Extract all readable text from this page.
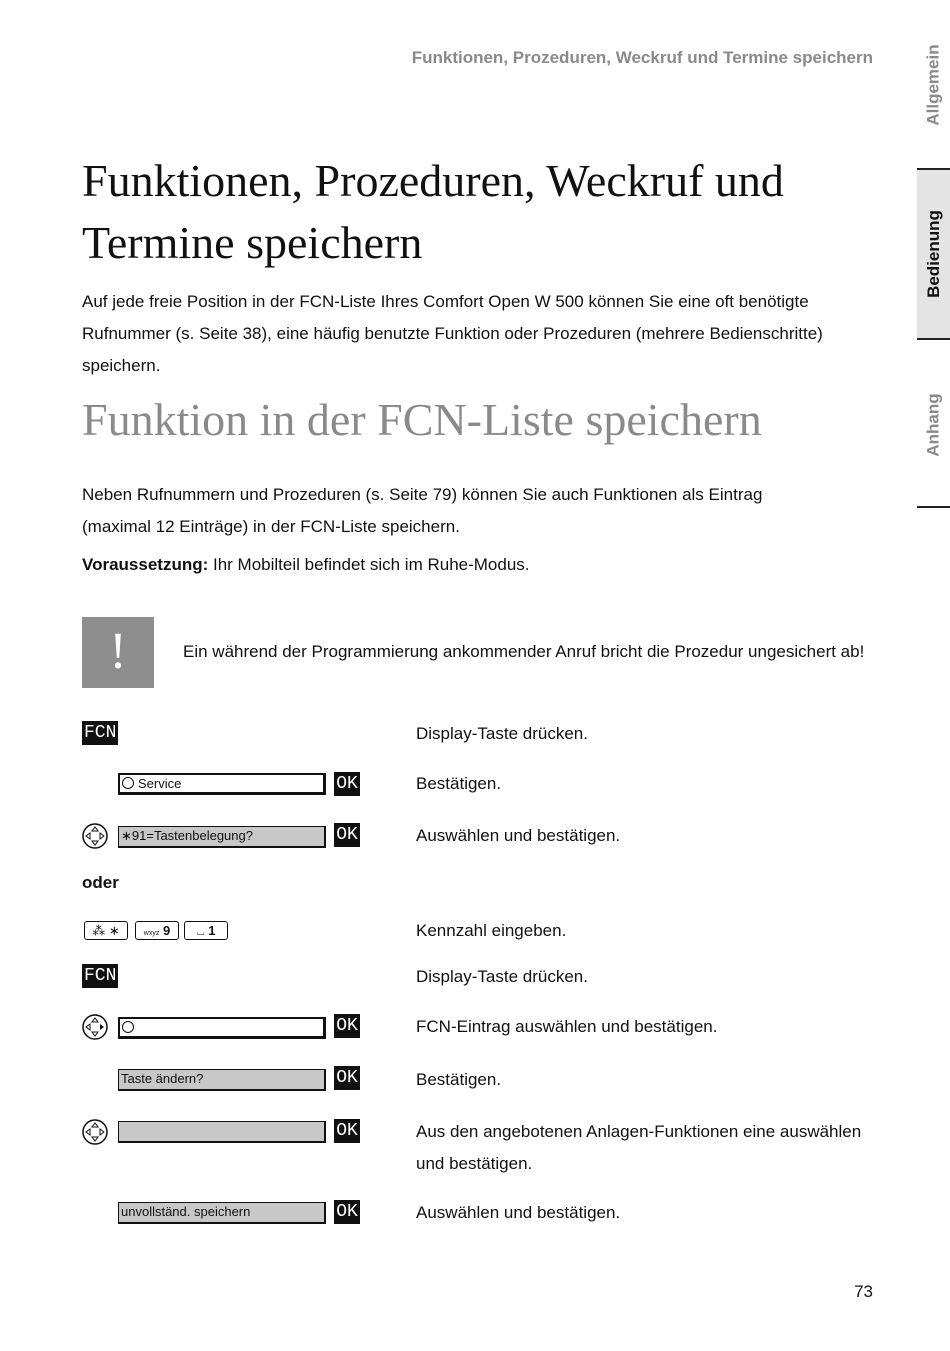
Funktionen, Prozeduren, Weckruf und Termine speichern	Allgemein
Bedienung
Anhang
Funktionen, Prozeduren, Weckruf und
Termine speichern
Auf jede freie Position in der FCN-Liste Ihres Comfort Open W 500 können Sie eine oft benötigte Rufnummer (s. Seite 38), eine häufig benutzte Funktion oder Prozeduren (mehrere Bedienschritte) speichern.
Funktion in der FCN-Liste speichern
Neben Rufnummern und Prozeduren (s. Seite 79) können Sie auch Funktionen als Eintrag (maximal 12 Einträge) in der FCN-Liste speichern.
Voraussetzung: Ihr Mobilteil befindet sich im Ruhe-Modus.
!	Ein während der Programmierung ankommender Anruf bricht die Prozedur ungesichert ab!
FCN	Display-Taste drücken.
Service	OK	Bestätigen.
∗91=Tastenbelegung?	OK	Auswählen und bestätigen.
oder
⁂ ∗	wxyz 9	⌴ 1	Kennzahl eingeben.
FCN	Display-Taste drücken.
OK	FCN-Eintrag auswählen und bestätigen.
Taste ändern?	OK	Bestätigen.
OK	Aus den angebotenen Anlagen-Funktionen eine auswählen und bestätigen.
unvollständ. speichern	OK	Auswählen und bestätigen.
73
